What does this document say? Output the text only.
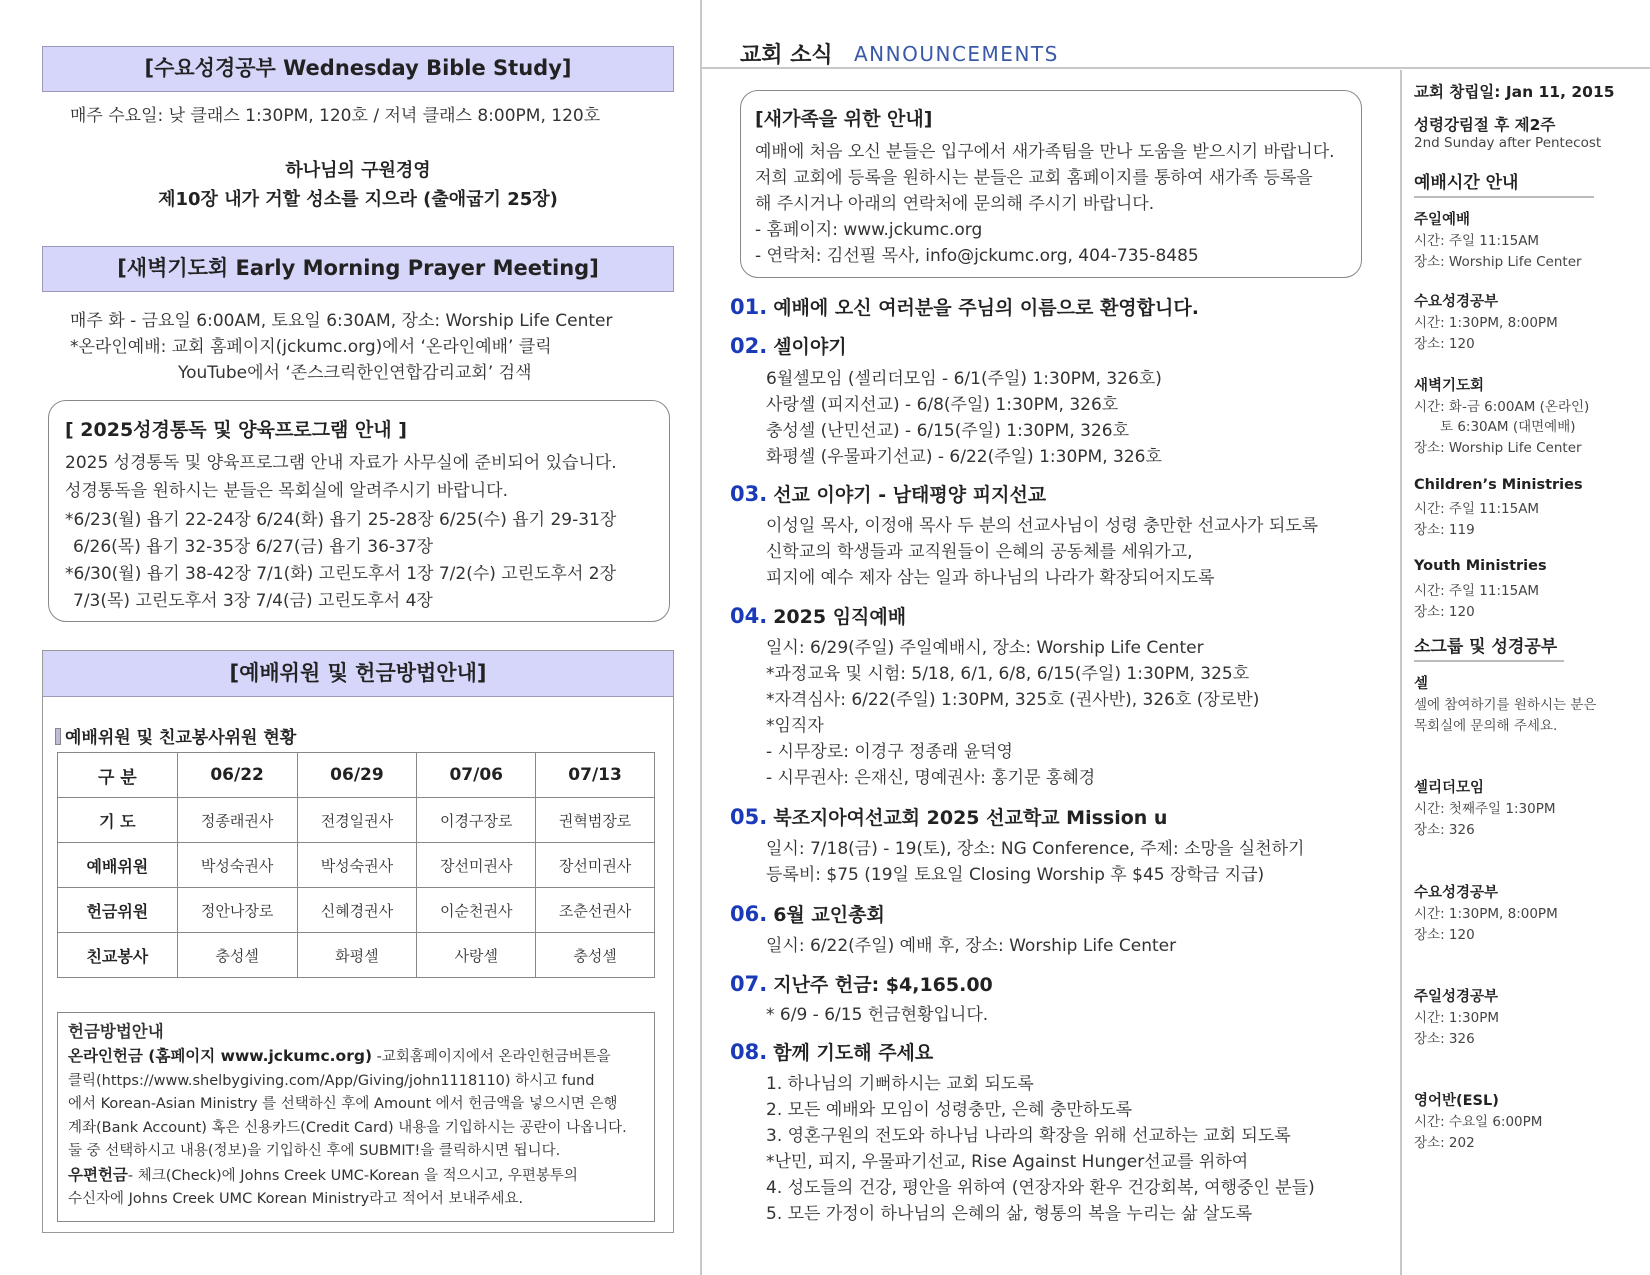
[수요성경공부 Wednesday Bible Study]
매주 수요일: 낮 클래스 1:30PM, 120호 / 저녁 클래스 8:00PM, 120호
하나님의 구원경영
제10장 내가 거할 성소를 지으라 (출애굽기 25장)
[새벽기도회 Early Morning Prayer Meeting]
매주 화 - 금요일 6:00AM, 토요일 6:30AM, 장소: Worship Life Center
*온라인예배: 교회 홈페이지(jckumc.org)에서 ‘온라인예배’ 클릭
YouTube에서 ‘존스크릭한인연합감리교회’ 검색
[ 2025성경통독 및 양육프로그램 안내 ]
2025 성경통독 및 양육프로그램 안내 자료가 사무실에 준비되어 있습니다.
성경통독을 원하시는 분들은 목회실에 알려주시기 바랍니다.
*6/23(월) 욥기 22-24장 6/24(화) 욥기 25-28장 6/25(수) 욥기 29-31장
6/26(목) 욥기 32-35장 6/27(금) 욥기 36-37장
*6/30(월) 욥기 38-42장 7/1(화) 고린도후서 1장 7/2(수) 고린도후서 2장
7/3(목) 고린도후서 3장 7/4(금) 고린도후서 4장
[예배위원 및 헌금방법안내]
예배위원 및 친교봉사위원 현황
구 분	06/22	06/29	07/06	07/13
기 도	정종래권사	전경일권사	이경구장로	권혁범장로
예배위원	박성숙권사	박성숙권사	장선미권사	장선미권사
헌금위원	정안나장로	신혜경권사	이순천권사	조춘선권사
친교봉사	충성셀	화평셀	사랑셀	충성셀

헌금방법안내

온라인헌금 (홈페이지 www.jckumc.org) -교회홈페이지에서 온라인헌금버튼을

클릭(https://www.shelbygiving.com/App/Giving/john1118110) 하시고 fund

에서 Korean-Asian Ministry 를 선택하신 후에 Amount 에서 헌금액을 넣으시면 은행

계좌(Bank Account) 혹은 신용카드(Credit Card) 내용을 기입하시는 공란이 나옵니다.

둘 중 선택하시고 내용(정보)을 기입하신 후에 SUBMIT!을 클릭하시면 됩니다.

우편헌금- 체크(Check)에 Johns Creek UMC-Korean 을 적으시고, 우편봉투의

수신자에 Johns Creek UMC Korean Ministry라고 적어서 보내주세요.

교회 소식 ANNOUNCEMENTS
[새가족을 위한 안내]
예배에 처음 오신 분들은 입구에서 새가족팀을 만나 도움을 받으시기 바랍니다.
저희 교회에 등록을 원하시는 분들은 교회 홈페이지를 통하여 새가족 등록을
해 주시거나 아래의 연락처에 문의해 주시기 바랍니다.
- 홈페이지: www.jckumc.org
- 연락처: 김선필 목사, info@jckumc.org, 404-735-8485
01. 예배에 오신 여러분을 주님의 이름으로 환영합니다.
02. 셀이야기
6월셀모임 (셀리더모임 - 6/1(주일) 1:30PM, 326호)
사랑셀 (피지선교) - 6/8(주일) 1:30PM, 326호
충성셀 (난민선교) - 6/15(주일) 1:30PM, 326호
화평셀 (우물파기선교) - 6/22(주일) 1:30PM, 326호
03. 선교 이야기 - 남태평양 피지선교
이성일 목사, 이정애 목사 두 분의 선교사님이 성령 충만한 선교사가 되도록
신학교의 학생들과 교직원들이 은혜의 공동체를 세워가고,
피지에 예수 제자 삼는 일과 하나님의 나라가 확장되어지도록
04. 2025 임직예배
일시: 6/29(주일) 주일예배시, 장소: Worship Life Center
*과정교육 및 시험: 5/18, 6/1, 6/8, 6/15(주일) 1:30PM, 325호
*자격심사: 6/22(주일) 1:30PM, 325호 (권사반), 326호 (장로반)
*임직자
- 시무장로: 이경구 정종래 윤덕영
- 시무권사: 은재신, 명예권사: 홍기문 홍혜경
05. 북조지아여선교회 2025 선교학교 Mission u
일시: 7/18(금) - 19(토), 장소: NG Conference, 주제: 소망을 실천하기
등록비: $75 (19일 토요일 Closing Worship 후 $45 장학금 지급)
06. 6월 교인총회
일시: 6/22(주일) 예배 후, 장소: Worship Life Center
07. 지난주 헌금: $4,165.00
* 6/9 - 6/15 헌금현황입니다.
08. 함께 기도해 주세요
1. 하나님의 기뻐하시는 교회 되도록
2. 모든 예배와 모임이 성령충만, 은혜 충만하도록
3. 영혼구원의 전도와 하나님 나라의 확장을 위해 선교하는 교회 되도록
*난민, 피지, 우물파기선교, Rise Against Hunger선교를 위하여
4. 성도들의 건강, 평안을 위하여 (연장자와 환우 건강회복, 여행중인 분들)
5. 모든 가정이 하나님의 은혜의 삶, 형통의 복을 누리는 삶 살도록
교회 창립일: Jan 11, 2015
성령강림절 후 제2주
2nd Sunday after Pentecost
예배시간 안내
주일예배
시간: 주일 11:15AM
장소: Worship Life Center
수요성경공부
시간: 1:30PM, 8:00PM
장소: 120
새벽기도회
시간: 화-금 6:00AM (온라인)
토 6:30AM (대면예배)
장소: Worship Life Center
Children’s Ministries
시간: 주일 11:15AM
장소: 119
Youth Ministries
시간: 주일 11:15AM
장소: 120
소그룹 및 성경공부
셀
셀에 참여하기를 원하시는 분은
목회실에 문의해 주세요.
셀리더모임
시간: 첫째주일 1:30PM
장소: 326
수요성경공부
시간: 1:30PM, 8:00PM
장소: 120
주일성경공부
시간: 1:30PM
장소: 326
영어반(ESL)
시간: 수요일 6:00PM
장소: 202
